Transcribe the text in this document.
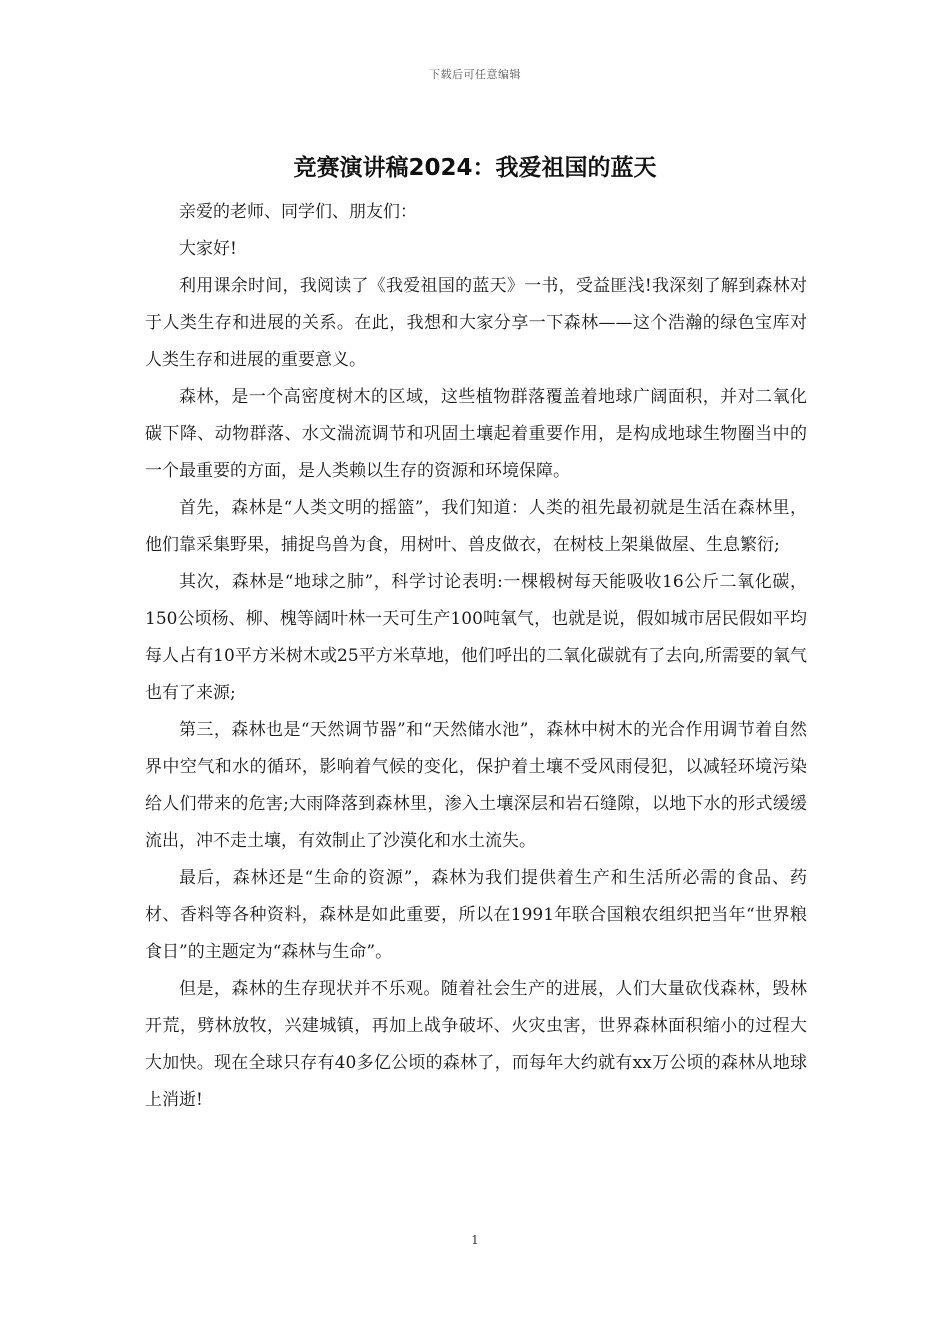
下载后可任意编辑
竞赛演讲稿2024：我爱祖国的蓝天

亲爱的老师、同学们、朋友们：

大家好!

利用课余时间，我阅读了《我爱祖国的蓝天》一书，受益匪浅!我深刻了解到森林对于人类生存和进展的关系。在此，我想和大家分享一下森林——这个浩瀚的绿色宝库对人类生存和进展的重要意义。

森林，是一个高密度树木的区域，这些植物群落覆盖着地球广阔面积，并对二氧化碳下降、动物群落、水文湍流调节和巩固土壤起着重要作用，是构成地球生物圈当中的一个最重要的方面，是人类赖以生存的资源和环境保障。

首先，森林是“人类文明的摇篮”，我们知道：人类的祖先最初就是生活在森林里，他们靠采集野果，捕捉鸟兽为食，用树叶、兽皮做衣，在树枝上架巢做屋、生息繁衍;

其次，森林是“地球之肺”，科学讨论表明:一棵椴树每天能吸收16公斤二氧化碳，150公顷杨、柳、槐等阔叶林一天可生产100吨氧气，也就是说，假如城市居民假如平均每人占有10平方米树木或25平方米草地，他们呼出的二氧化碳就有了去向,所需要的氧气也有了来源;

第三，森林也是“天然调节器”和“天然储水池”，森林中树木的光合作用调节着自然界中空气和水的循环，影响着气候的变化，保护着土壤不受风雨侵犯，以减轻环境污染给人们带来的危害;大雨降落到森林里，渗入土壤深层和岩石缝隙，以地下水的形式缓缓流出，冲不走土壤，有效制止了沙漠化和水土流失。

最后，森林还是“生命的资源”，森林为我们提供着生产和生活所必需的食品、药材、香料等各种资料，森林是如此重要，所以在1991年联合国粮农组织把当年“世界粮食日”的主题定为“森林与生命”。

但是，森林的生存现状并不乐观。随着社会生产的进展，人们大量砍伐森林，毁林开荒，劈林放牧，兴建城镇，再加上战争破坏、火灾虫害，世界森林面积缩小的过程大大加快。现在全球只存有40多亿公顷的森林了，而每年大约就有xx万公顷的森林从地球上消逝!

1
